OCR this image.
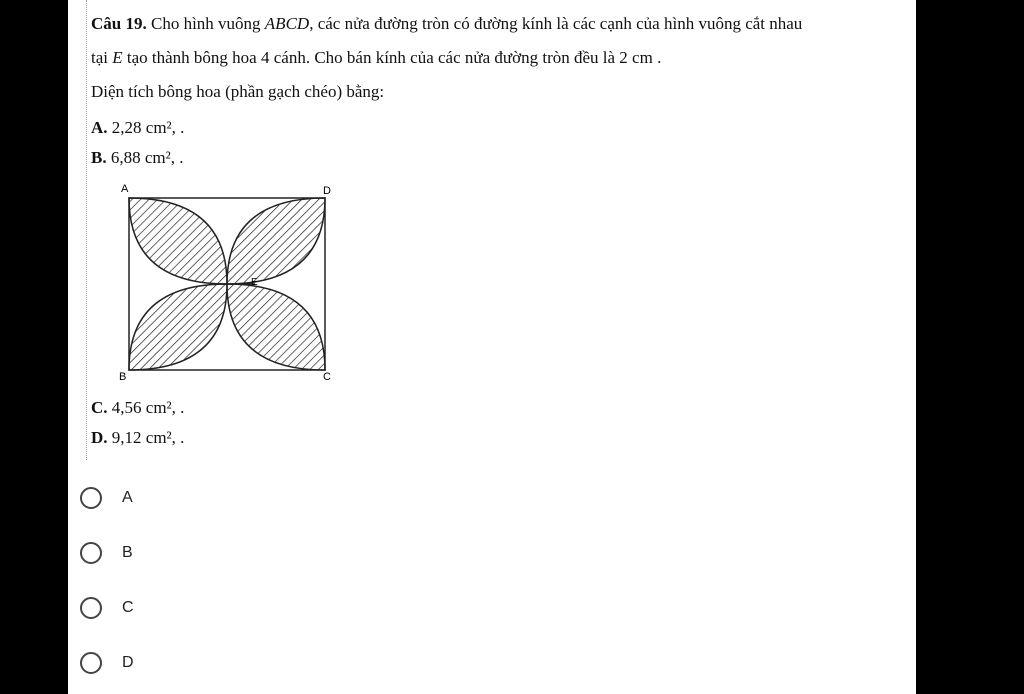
Câu 19. Cho hình vuông ABCD, các nửa đường tròn có đường kính là các cạnh của hình vuông cắt nhau
tại E tạo thành bông hoa 4 cánh. Cho bán kính của các nửa đường tròn đều là 2 cm .
Diện tích bông hoa (phần gạch chéo) bằng:
A. 2,28 cm², .
B. 6,88 cm², .
A	D
E
B	C
C. 4,56 cm², .
D. 9,12 cm², .
A
B
C
D
